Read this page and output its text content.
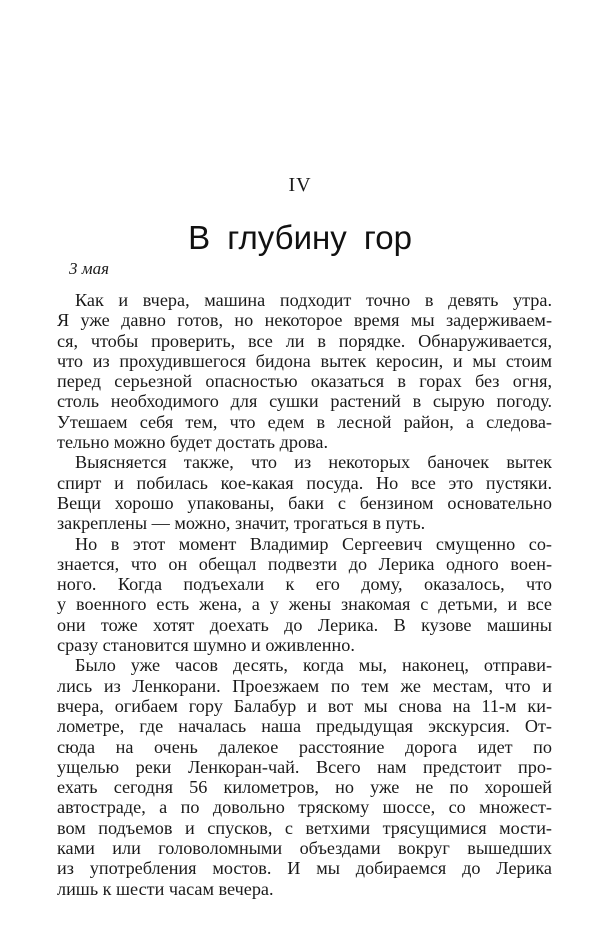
IV
В глубину гор
3 мая
Как и вчера, машина подходит точно в девять утра.
Я уже давно готов, но некоторое время мы задерживаем-
ся, чтобы проверить, все ли в порядке. Обнаруживается,
что из прохудившегося бидона вытек керосин, и мы стоим
перед серьезной опасностью оказаться в горах без огня,
столь необходимого для сушки растений в сырую погоду.
Утешаем себя тем, что едем в лесной район, а следова-
тельно можно будет достать дрова.
Выясняется также, что из некоторых баночек вытек
спирт и побилась кое-какая посуда. Но все это пустяки.
Вещи хорошо упакованы, баки с бензином основательно
закреплены — можно, значит, трогаться в путь.
Но в этот момент Владимир Сергеевич смущенно со-
знается, что он обещал подвезти до Лерика одного воен-
ного. Когда подъехали к его дому, оказалось, что
у военного есть жена, а у жены знакомая с детьми, и все
они тоже хотят доехать до Лерика. В кузове машины
сразу становится шумно и оживленно.
Было уже часов десять, когда мы, наконец, отправи-
лись из Ленкорани. Проезжаем по тем же местам, что и
вчера, огибаем гору Балабур и вот мы снова на 11-м ки-
лометре, где началась наша предыдущая экскурсия. От-
сюда на очень далекое расстояние дорога идет по
ущелью реки Ленкоран-чай. Всего нам предстоит про-
ехать сегодня 56 километров, но уже не по хорошей
автостраде, а по довольно тряскому шоссе, со множест-
вом подъемов и спусков, с ветхими трясущимися мости-
ками или головоломными объездами вокруг вышедших
из употребления мостов. И мы добираемся до Лерика
лишь к шести часам вечера.
